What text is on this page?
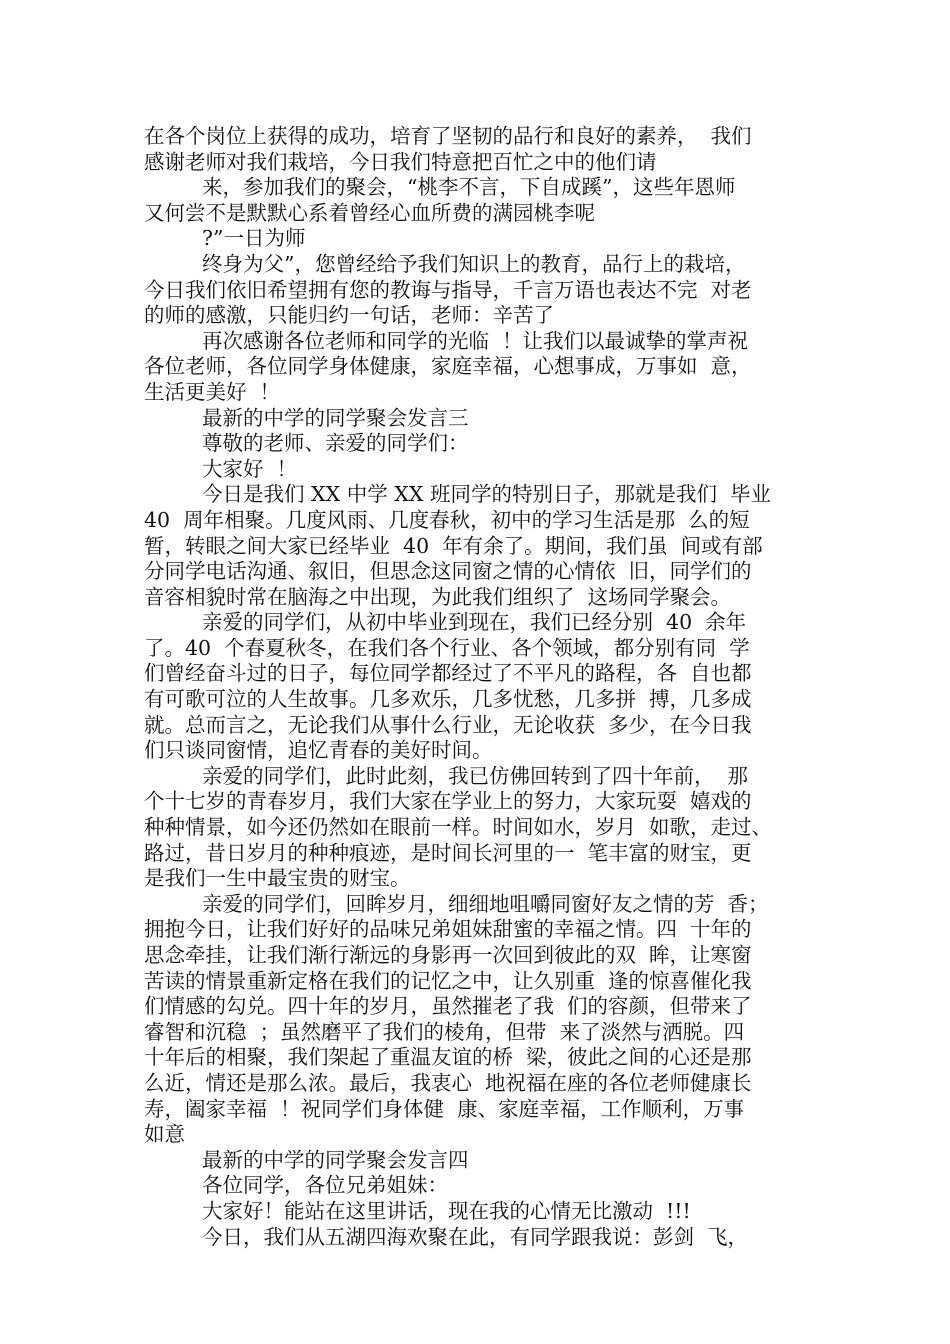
在各个岗位上获得的成功，培育了坚韧的品行和良好的素养，  我们
感谢老师对我们栽培，今日我们特意把百忙之中的他们请
来，参加我们的聚会，“桃李不言，下自成蹊”，这些年恩师
又何尝不是默默心系着曾经心血所费的满园桃李呢
?”一日为师
终身为父”，您曾经给予我们知识上的教育，品行上的栽培，
今日我们依旧希望拥有您的教诲与指导，千言万语也表达不完  对老
的师的感激，只能归约一句话，老师：辛苦了
再次感谢各位老师和同学的光临  ！让我们以最诚挚的掌声祝
各位老师，各位同学身体健康，家庭幸福，心想事成，万事如  意，
生活更美好  ！
最新的中学的同学聚会发言三
尊敬的老师、亲爱的同学们：
大家好  ！
今日是我们 XX 中学 XX 班同学的特别日子，那就是我们  毕业
40  周年相聚。几度风雨、几度春秋，初中的学习生活是那  么的短
暂，转眼之间大家已经毕业  40  年有余了。期间，我们虽  间或有部
分同学电话沟通、叙旧，但思念这同窗之情的心情依  旧，同学们的
音容相貌时常在脑海之中出现，为此我们组织了  这场同学聚会。
亲爱的同学们，从初中毕业到现在，我们已经分别  40  余年
了。40  个春夏秋冬，在我们各个行业、各个领域，都分别有同  学
们曾经奋斗过的日子，每位同学都经过了不平凡的路程，各  自也都
有可歌可泣的人生故事。几多欢乐，几多忧愁，几多拼  搏，几多成
就。总而言之，无论我们从事什么行业，无论收获  多少，在今日我
们只谈同窗情，追忆青春的美好时间。
亲爱的同学们，此时此刻，我已仿佛回转到了四十年前，  那
个十七岁的青春岁月，我们大家在学业上的努力，大家玩耍  嬉戏的
种种情景，如今还仍然如在眼前一样。时间如水，岁月  如歌，走过、
路过，昔日岁月的种种痕迹，是时间长河里的一  笔丰富的财宝，更
是我们一生中最宝贵的财宝。
亲爱的同学们，回眸岁月，细细地咀嚼同窗好友之情的芳  香；
拥抱今日，让我们好好的品味兄弟姐妹甜蜜的幸福之情。四  十年的
思念牵挂，让我们渐行渐远的身影再一次回到彼此的双  眸，让寒窗
苦读的情景重新定格在我们的记忆之中，让久别重  逢的惊喜催化我
们情感的勾兑。四十年的岁月，虽然摧老了我  们的容颜，但带来了
睿智和沉稳  ；虽然磨平了我们的棱角，但带  来了淡然与洒脱。四
十年后的相聚，我们架起了重温友谊的桥  梁，彼此之间的心还是那
么近，情还是那么浓。最后，我衷心  地祝福在座的各位老师健康长
寿，阖家幸福  ！祝同学们身体健  康、家庭幸福，工作顺利，万事
如意
最新的中学的同学聚会发言四
各位同学，各位兄弟姐妹：
大家好！能站在这里讲话，现在我的心情无比激动  !!!
今日，我们从五湖四海欢聚在此，有同学跟我说：彭剑  飞，
